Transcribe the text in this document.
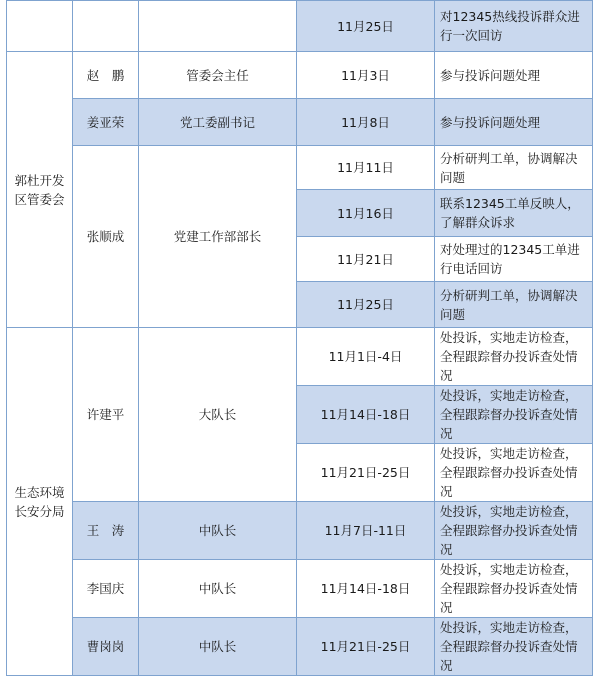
			11月25日	对12345热线投诉群众进行一次回访

郭杜开发区管委会	赵　鹏	管委会主任	11月3日	参与投诉问题处理
	姜亚荣	党工委副书记	11月8日	参与投诉问题处理
	张顺成	党建工作部部长	11月11日	分析研判工单，协调解决问题
			11月16日	联系12345工单反映人，了解群众诉求
			11月21日	对处理过的12345工单进行电话回访
			11月25日	分析研判工单，协调解决问题

生态环境长安分局	许建平	大队长	11月1日-4日	处投诉，实地走访检查，全程跟踪督办投诉查处情况
			11月14日-18日	处投诉，实地走访检查，全程跟踪督办投诉查处情况
			11月21日-25日	处投诉，实地走访检查，全程跟踪督办投诉查处情况
	王　涛	中队长	11月7日-11日	处投诉，实地走访检查，全程跟踪督办投诉查处情况
	李国庆	中队长	11月14日-18日	处投诉，实地走访检查，全程跟踪督办投诉查处情况
	曹岗岗	中队长	11月21日-25日	处投诉，实地走访检查，全程跟踪督办投诉查处情况
